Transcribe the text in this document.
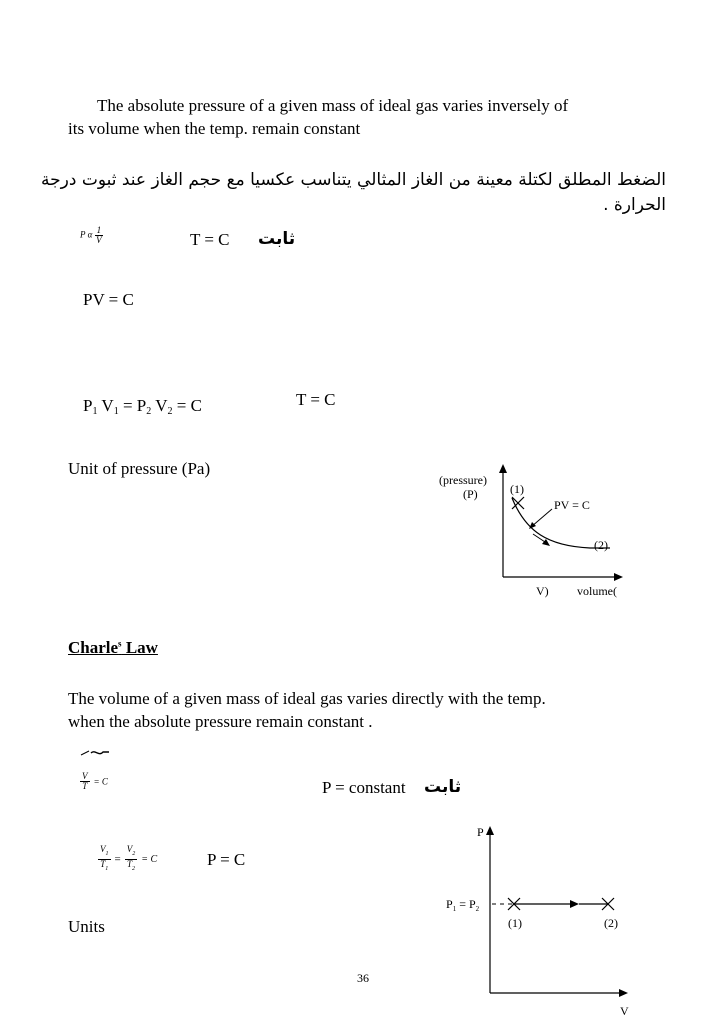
The absolute pressure of a given mass of ideal gas varies inversely of
its volume when the temp. remain constant
الضغط المطلق لكتلة معينة من الغاز المثالي يتناسب عكسيا مع حجم الغاز عند ثبوت درجة
الحرارة .
P α $\frac{1}{V}$	T = C ثابت
PV = C
$P_1$ $V_1 = P_2$ $V_2 = C$	T = C
Unit of pressure (Pa)
(pressure)
(P)	(1)
PV = C
(2)
V) volume(
Charle$^s$ Law
The volume of a given mass of ideal gas varies directly with the temp.
when the absolute pressure remain constant .
$\frac{V}{T} = C$	P = constant ثابت
$\frac{V_1}{T_1} = \frac{V_2}{T_2} = C$	P = C
Units
P
$P_1 = P_2$
(1)	(2)
V
36
